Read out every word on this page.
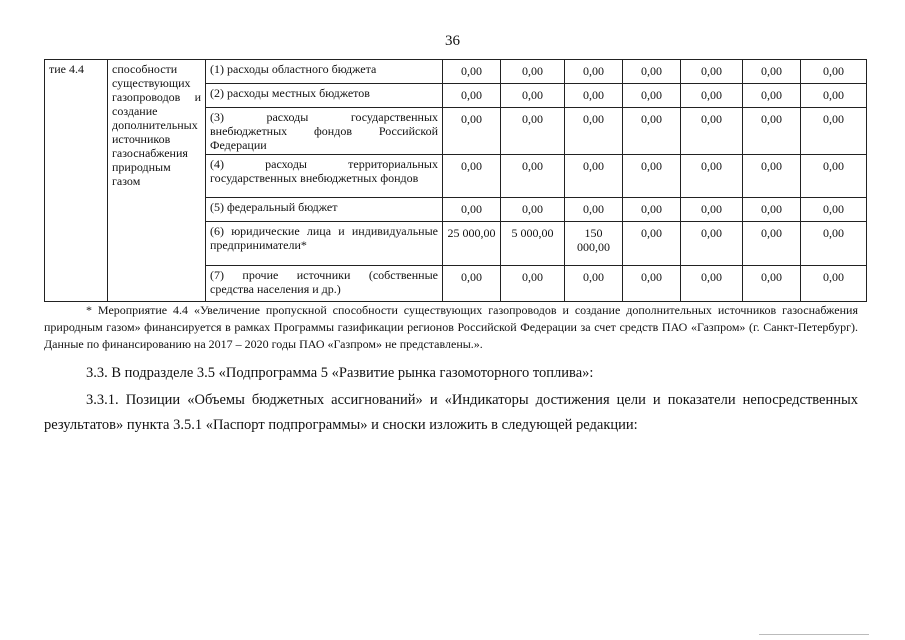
36
тие 4.4	способности существующих газопроводов и создание дополнительных источников газоснабжения природным газом	(1) расходы областного бюджета	0,00	0,00	0,00	0,00	0,00	0,00	0,00
		(2) расходы местных бюджетов	0,00	0,00	0,00	0,00	0,00	0,00	0,00
		(3) расходы государственных внебюджетных фондов Российской Федерации	0,00	0,00	0,00	0,00	0,00	0,00	0,00
		(4) расходы территориальных государственных внебюджетных фондов	0,00	0,00	0,00	0,00	0,00	0,00	0,00
		(5) федеральный бюджет	0,00	0,00	0,00	0,00	0,00	0,00	0,00
		(6) юридические лица и индивидуальные предприниматели*	25 000,00	5 000,00	150 000,00	0,00	0,00	0,00	0,00
		(7) прочие источники (собственные средства населения и др.)	0,00	0,00	0,00	0,00	0,00	0,00	0,00
* Мероприятие 4.4 «Увеличение пропускной способности существующих газопроводов и создание дополнительных источников газоснабжения природным газом» финансируется в рамках Программы газификации регионов Российской Федерации за счет средств ПАО «Газпром» (г. Санкт-Петербург). Данные по финансированию на 2017 – 2020 годы ПАО «Газпром» не представлены.».
3.3. В подразделе 3.5 «Подпрограмма 5 «Развитие рынка газомоторного топлива»:
3.3.1. Позиции «Объемы бюджетных ассигнований» и «Индикаторы достижения цели и показатели непосредственных результатов» пункта 3.5.1 «Паспорт подпрограммы» и сноски изложить в следующей редакции:
